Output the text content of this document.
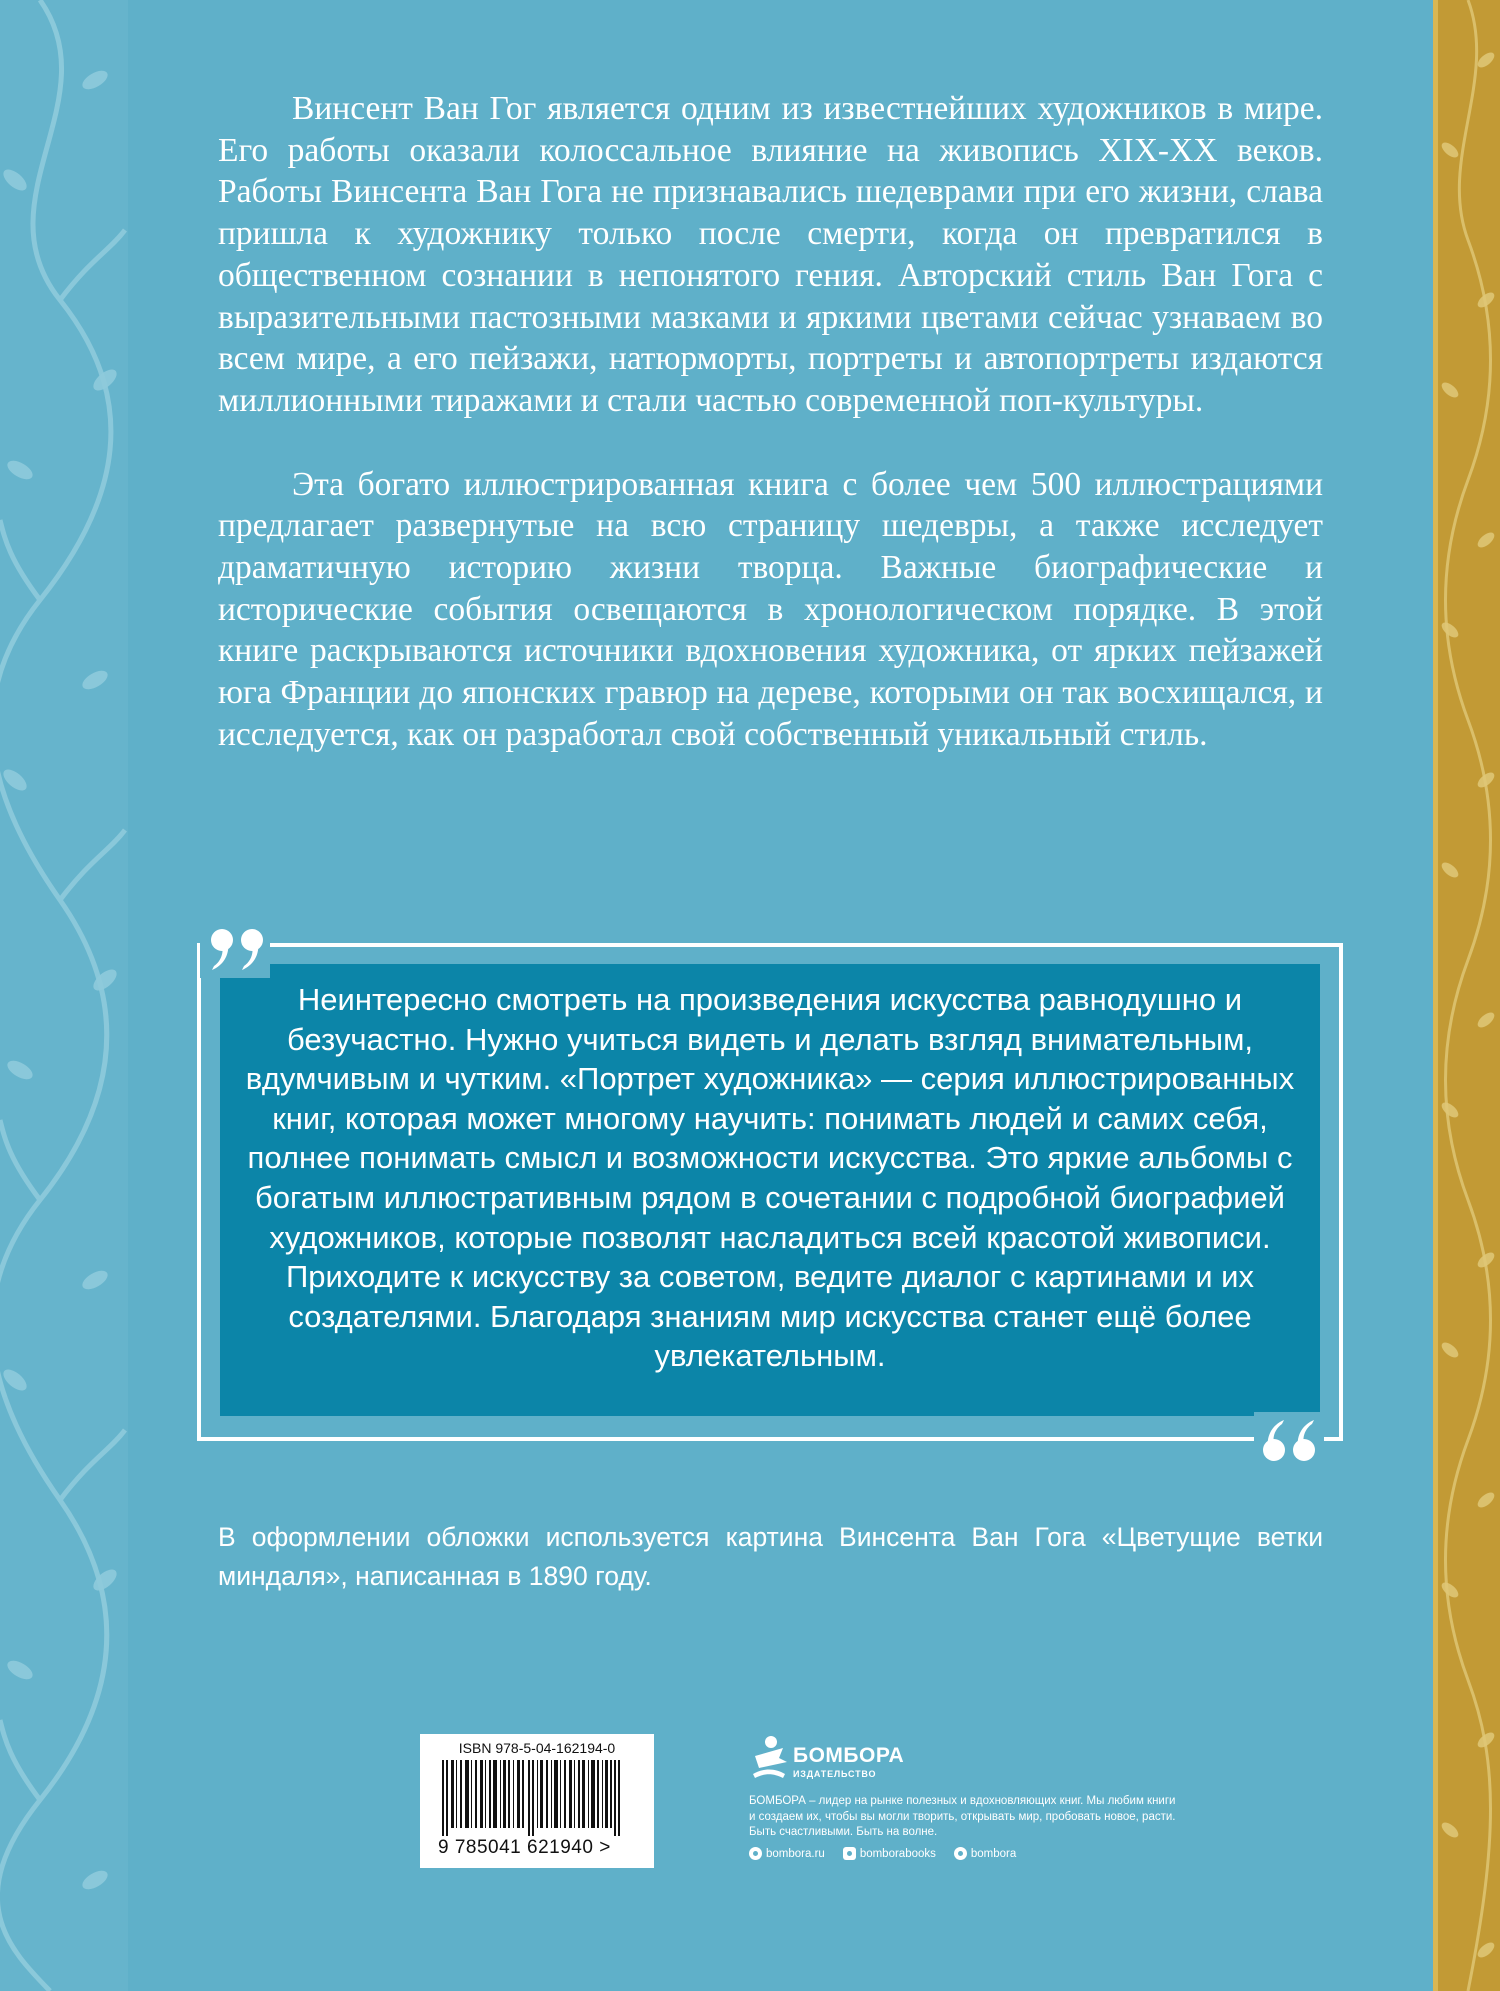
Винсент Ван Гог является одним из известнейших художников в мире. Его работы оказали колоссальное влияние на живопись XIX-XX веков. Работы Винсента Ван Гога не признавались шедеврами при его жизни, слава пришла к художнику только после смерти, когда он превратился в общественном сознании в непонятого гения. Авторский стиль Ван Гога с выразительными пастозными мазками и яркими цветами сейчас узнаваем во всем мире, а его пейзажи, натюрморты, портреты и автопортреты издаются миллионными тиражами и стали частью современной поп-культуры.

Эта богато иллюстрированная книга с более чем 500 иллюстрациями предлагает развернутые на всю страницу шедевры, а также исследует драматичную историю жизни творца. Важные биографические и исторические события освещаются в хронологическом порядке. В этой книге раскрываются источники вдохновения художника, от ярких пейзажей юга Франции до японских гравюр на дереве, которыми он так восхищался, и исследуется, как он разработал свой собственный уникальный стиль.

Неинтересно смотреть на произведения искусства равнодушно и безучастно. Нужно учиться видеть и делать взгляд внимательным, вдумчивым и чутким. «Портрет художника» — серия иллюстрированных книг, которая может многому научить: понимать людей и самих себя, полнее понимать смысл и возможности искусства. Это яркие альбомы с богатым иллюстративным рядом в сочетании с подробной биографией художников, которые позволят насладиться всей красотой живописи. Приходите к искусству за советом, ведите диалог с картинами и их создателями. Благодаря знаниям мир искусства станет ещё более увлекательным.
В оформлении обложки используется картина Винсента Ван Гога «Цветущие ветки миндаля», написанная в 1890 году.
ISBN 978-5-04-162194-0
9 785041 621940 >
БОМБОРА
ИЗДАТЕЛЬСТВО
БОМБОРА – лидер на рынке полезных и вдохновляющих книг. Мы любим книги и создаем их, чтобы вы могли творить, открывать мир, пробовать новое, расти. Быть счастливыми. Быть на волне.
bombora.ru	bomborabooks	bombora
